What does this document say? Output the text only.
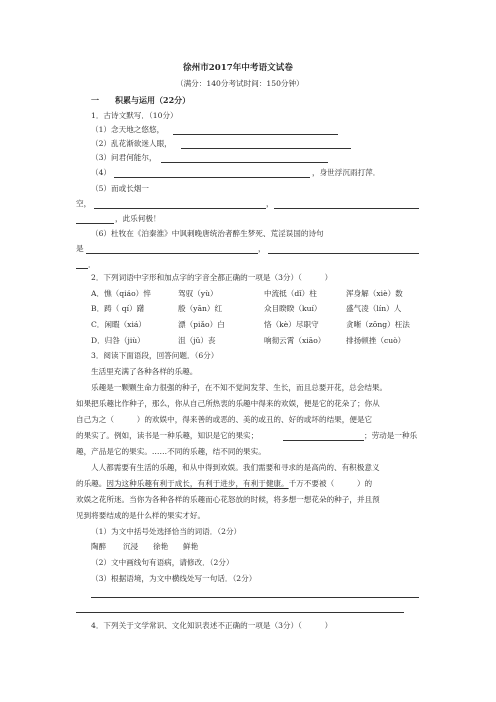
徐州市2017年中考语文试卷
（满分：140分考试时间：150分钟）
一 积累与运用（22分）
1．古诗文默写．（10分）
（1）念天地之悠悠，
（2）乱花渐欲迷人眼，
（3）问君何能尔，
（4）	，身世浮沉雨打萍．
（5）而或长烟一
空，	，
，此乐何极！
（6）杜牧在《泊秦淮》中讽刺晚唐统治者醉生梦死、荒淫误国的诗句
是	，
．
2．下列词语中字形和加点字的字音全都正确的一项是（3分）（　　　）
A．憔（qiáo）悴	驾驭（yù）	中流抵（dǐ）柱	浑身解（xiè）数
B．踌（ qí）躇	殷（yān）红	众目睽睽（kuí）	盛气凌（lín）人
C．闲暇（xiá）	漂（piǎo）白	恪（kè）尽职守	贪晰（zōng）枉法
D．归咎（jiù）	沮（jǔ）丧	响彻云霄（xiāo）	排扬顿挫（cuò）
3．阅读下面语段，回答问题．（6分）
生活里充满了各种各样的乐趣。
乐趣是一颗颗生命力很强的种子，在不知不觉间发芽、生长，而且总要开花，总会结果。
如果把乐趣比作种子，那么，你从自己所热衷的乐趣中得来的欢娱，便是它的花朵了；你从
自己为之（　　　）的欢娱中，得来善的或恶的、美的或丑的、好的或坏的结果，便是它
的果实了。例如，读书是一种乐趣，知识是它的果实；	；劳动是一种乐
趣，产品是它的果实。……不同的乐趣，结不同的果实。
人人都需要有生活的乐趣，和从中得到欢娱。我们需要和寻求的是高尚的、有积极意义
的乐趣。因为这种乐趣有利于成长，有利于进步，有利于健康。千万不要被（　　　）的
欢娱之花所迷。当你为各种各样的乐趣而心花怒放的时候，将多想一想花朵的种子，并且预
见到将要结成的是什么样的果实才好。
（1）为文中括号处选择恰当的词语．（2分）
陶醉 沉浸 徐艳 鲜艳
（2）文中画线句有语病，请修改．（2分）
（3）根据语境，为文中横线处写一句话．（2分）
4．下列关于文学常识、文化知识表述不正确的一项是（3分）（　　　）
